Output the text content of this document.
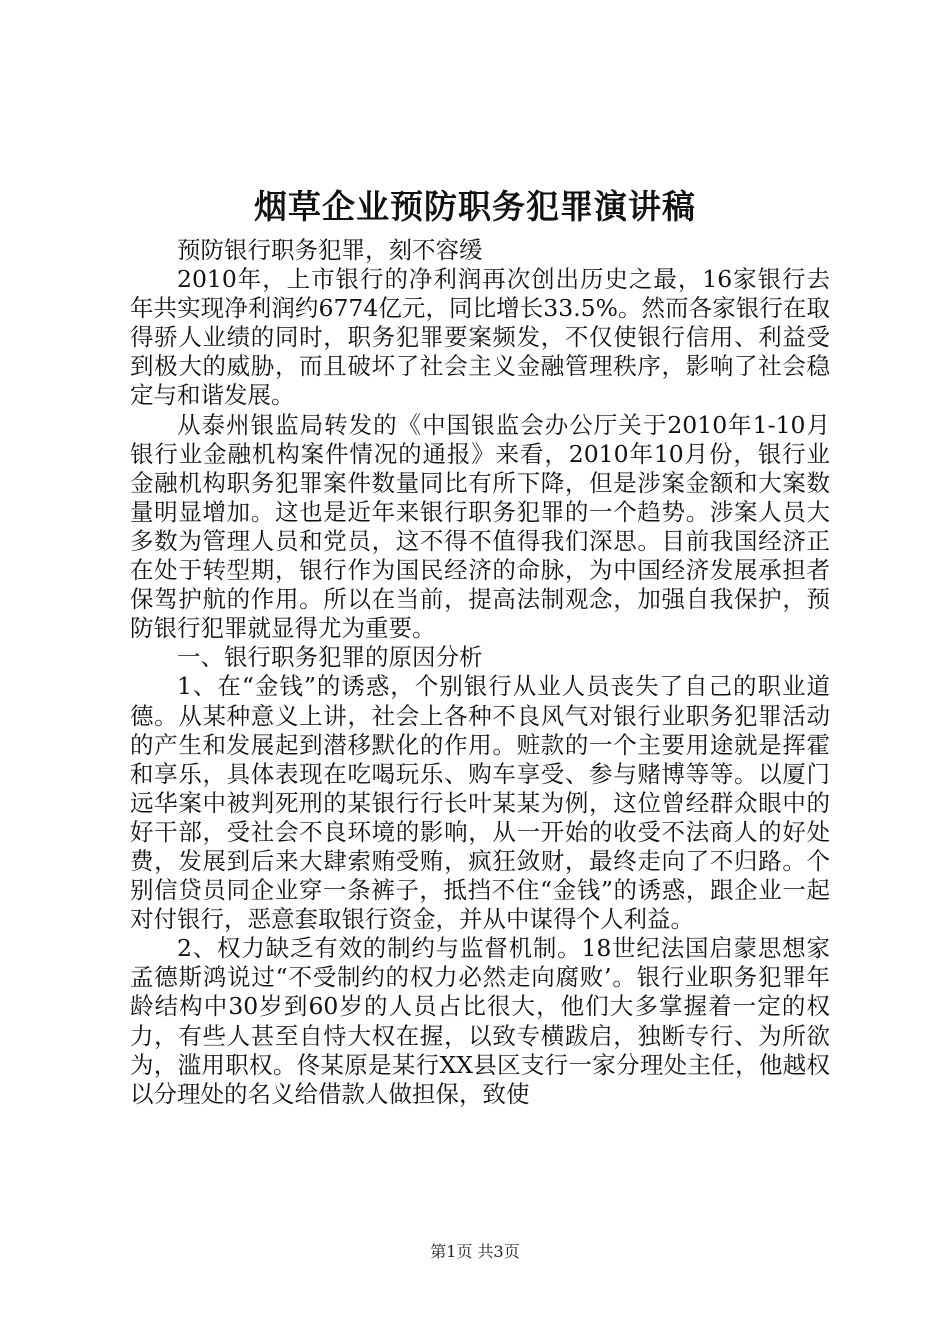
烟草企业预防职务犯罪演讲稿

预防银行职务犯罪，刻不容缓

2010年，上市银行的净利润再次创出历史之最，16家银行去年共实现净利润约6774亿元，同比增长33.5%。然而各家银行在取得骄人业绩的同时，职务犯罪要案频发，不仅使银行信用、利益受到极大的威胁，而且破坏了社会主义金融管理秩序，影响了社会稳定与和谐发展。

从泰州银监局转发的《中国银监会办公厅关于2010年1-10月银行业金融机构案件情况的通报》来看，2010年10月份，银行业金融机构职务犯罪案件数量同比有所下降，但是涉案金额和大案数量明显增加。这也是近年来银行职务犯罪的一个趋势。涉案人员大多数为管理人员和党员，这不得不值得我们深思。目前我国经济正在处于转型期，银行作为国民经济的命脉，为中国经济发展承担者保驾护航的作用。所以在当前，提高法制观念，加强自我保护，预防银行犯罪就显得尤为重要。

一、银行职务犯罪的原因分析

1、在“金钱”的诱惑，个别银行从业人员丧失了自己的职业道德。从某种意义上讲，社会上各种不良风气对银行业职务犯罪活动的产生和发展起到潜移默化的作用。赃款的一个主要用途就是挥霍和享乐，具体表现在吃喝玩乐、购车享受、参与赌博等等。以厦门远华案中被判死刑的某银行行长叶某某为例，这位曾经群众眼中的好干部，受社会不良环境的影响，从一开始的收受不法商人的好处费，发展到后来大肆索贿受贿，疯狂敛财，最终走向了不归路。个别信贷员同企业穿一条裤子，抵挡不住“金钱”的诱惑，跟企业一起对付银行，恶意套取银行资金，并从中谋得个人利益。

2、权力缺乏有效的制约与监督机制。18世纪法国启蒙思想家孟德斯鸿说过“不受制约的权力必然走向腐败’。银行业职务犯罪年龄结构中30岁到60岁的人员占比很大，他们大多掌握着一定的权力，有些人甚至自恃大权在握，以致专横跋启，独断专行、为所欲为，滥用职权。佟某原是某行XX县区支行一家分理处主任，他越权以分理处的名义给借款人做担保，致使

第1页 共3页
